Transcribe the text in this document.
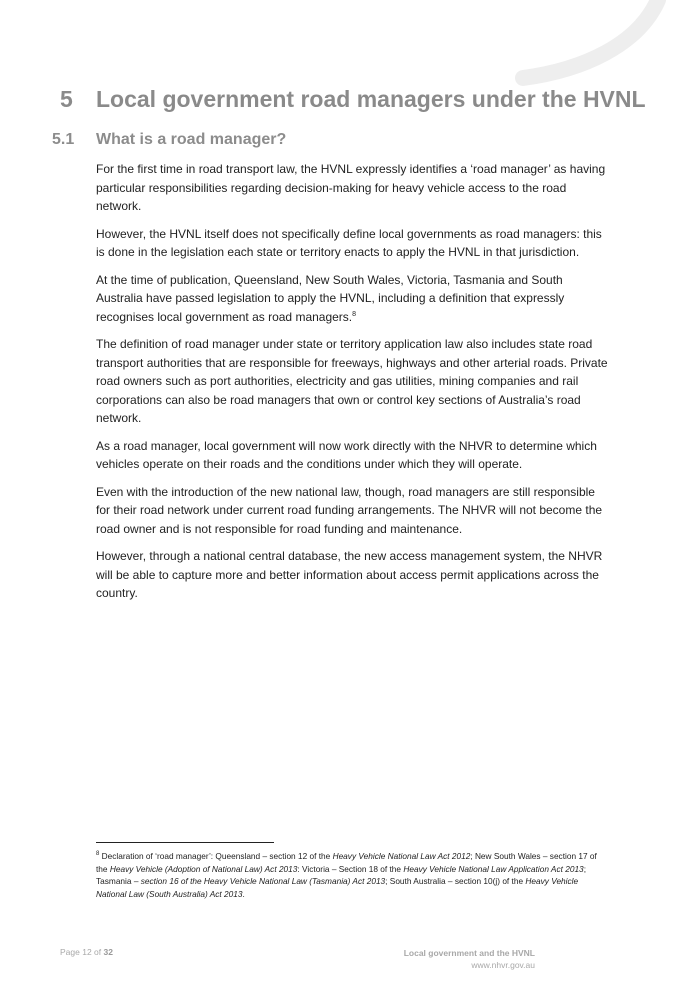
5 Local government road managers under the HVNL
5.1 What is a road manager?

For the first time in road transport law, the HVNL expressly identifies a ‘road manager’ as having particular responsibilities regarding decision-making for heavy vehicle access to the road network.

However, the HVNL itself does not specifically define local governments as road managers: this is done in the legislation each state or territory enacts to apply the HVNL in that jurisdiction.

At the time of publication, Queensland, New South Wales, Victoria, Tasmania and South Australia have passed legislation to apply the HVNL, including a definition that expressly recognises local government as road managers.$^8$

The definition of road manager under state or territory application law also includes state road transport authorities that are responsible for freeways, highways and other arterial roads. Private road owners such as port authorities, electricity and gas utilities, mining companies and rail corporations can also be road managers that own or control key sections of Australia’s road network.

As a road manager, local government will now work directly with the NHVR to determine which vehicles operate on their roads and the conditions under which they will operate.

Even with the introduction of the new national law, though, road managers are still responsible for their road network under current road funding arrangements. The NHVR will not become the road owner and is not responsible for road funding and maintenance.

However, through a national central database, the new access management system, the NHVR will be able to capture more and better information about access permit applications across the country.

$^8$ Declaration of ‘road manager’: Queensland – section 12 of the Heavy Vehicle National Law Act 2012; New South Wales – section 17 of the Heavy Vehicle (Adoption of National Law) Act 2013: Victoria – Section 18 of the Heavy Vehicle National Law Application Act 2013; Tasmania – section 16 of the Heavy Vehicle National Law (Tasmania) Act 2013; South Australia – section 10(j) of the Heavy Vehicle National Law (South Australia) Act 2013.
Page 12 of 32	Local government and the HVNL
www.nhvr.gov.au
